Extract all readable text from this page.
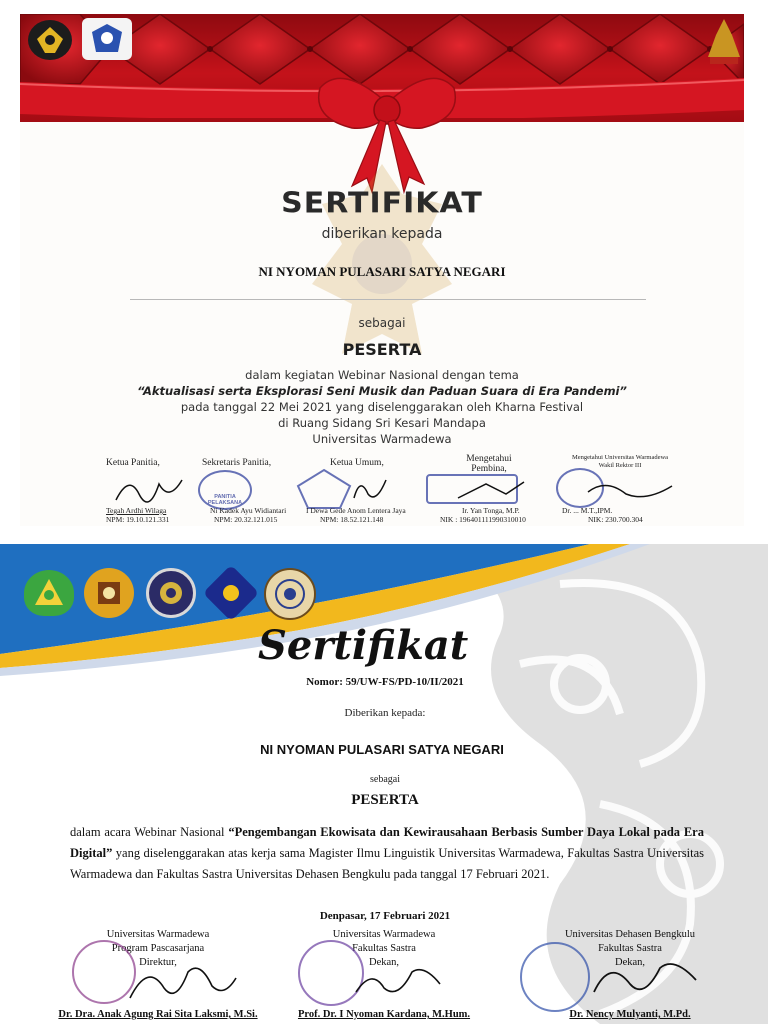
SERTIFIKAT
diberikan kepada
NI NYOMAN PULASARI SATYA NEGARI
sebagai
PESERTA
dalam kegiatan Webinar Nasional dengan tema
“Aktualisasi serta Eksplorasi Seni Musik dan Paduan Suara di Era Pandemi”
pada tanggal 22 Mei 2021 yang diselenggarakan oleh Kharna Festival
di Ruang Sidang Sri Kesari Mandapa
Universitas Warmadewa
Ketua Panitia,
Tegah Ardhi Wilaga
NPM: 19.10.121.331
Sekretaris Panitia,
PANITIA PELAKSANA
Ni Kadek Ayu Widiantari
NPM: 20.32.121.015
Ketua Umum,
I Dewa Gede Anom Lentera Jaya
NPM: 18.52.121.148
Mengetahui Pembina,
Ir. Yan Tonga, M.P.
NIK : 196401111990310010
Mengetahui Universitas Warmadewa Wakil Rektor III
Dr. ... M.T.,IPM.
NIK: 230.700.304
Sertifikat
Nomor: 59/UW-FS/PD-10/II/2021
Diberikan kepada:
NI NYOMAN PULASARI SATYA NEGARI
sebagai
PESERTA
dalam acara Webinar Nasional “Pengembangan Ekowisata dan Kewirausahaan Berbasis Sumber Daya Lokal pada Era Digital” yang diselenggarakan atas kerja sama Magister Ilmu Linguistik Universitas Warmadewa, Fakultas Sastra Universitas Warmadewa dan Fakultas Sastra Universitas Dehasen Bengkulu pada tanggal 17 Februari 2021.
Denpasar, 17 Februari 2021
Universitas Warmadewa
Program Pascasarjana
Direktur,
Dr. Dra. Anak Agung Rai Sita Laksmi, M.Si.
Universitas Warmadewa
Fakultas Sastra
Dekan,
Prof. Dr. I Nyoman Kardana, M.Hum.
Universitas Dehasen Bengkulu
Fakultas Sastra
Dekan,
Dr. Nency Mulyanti, M.Pd.
